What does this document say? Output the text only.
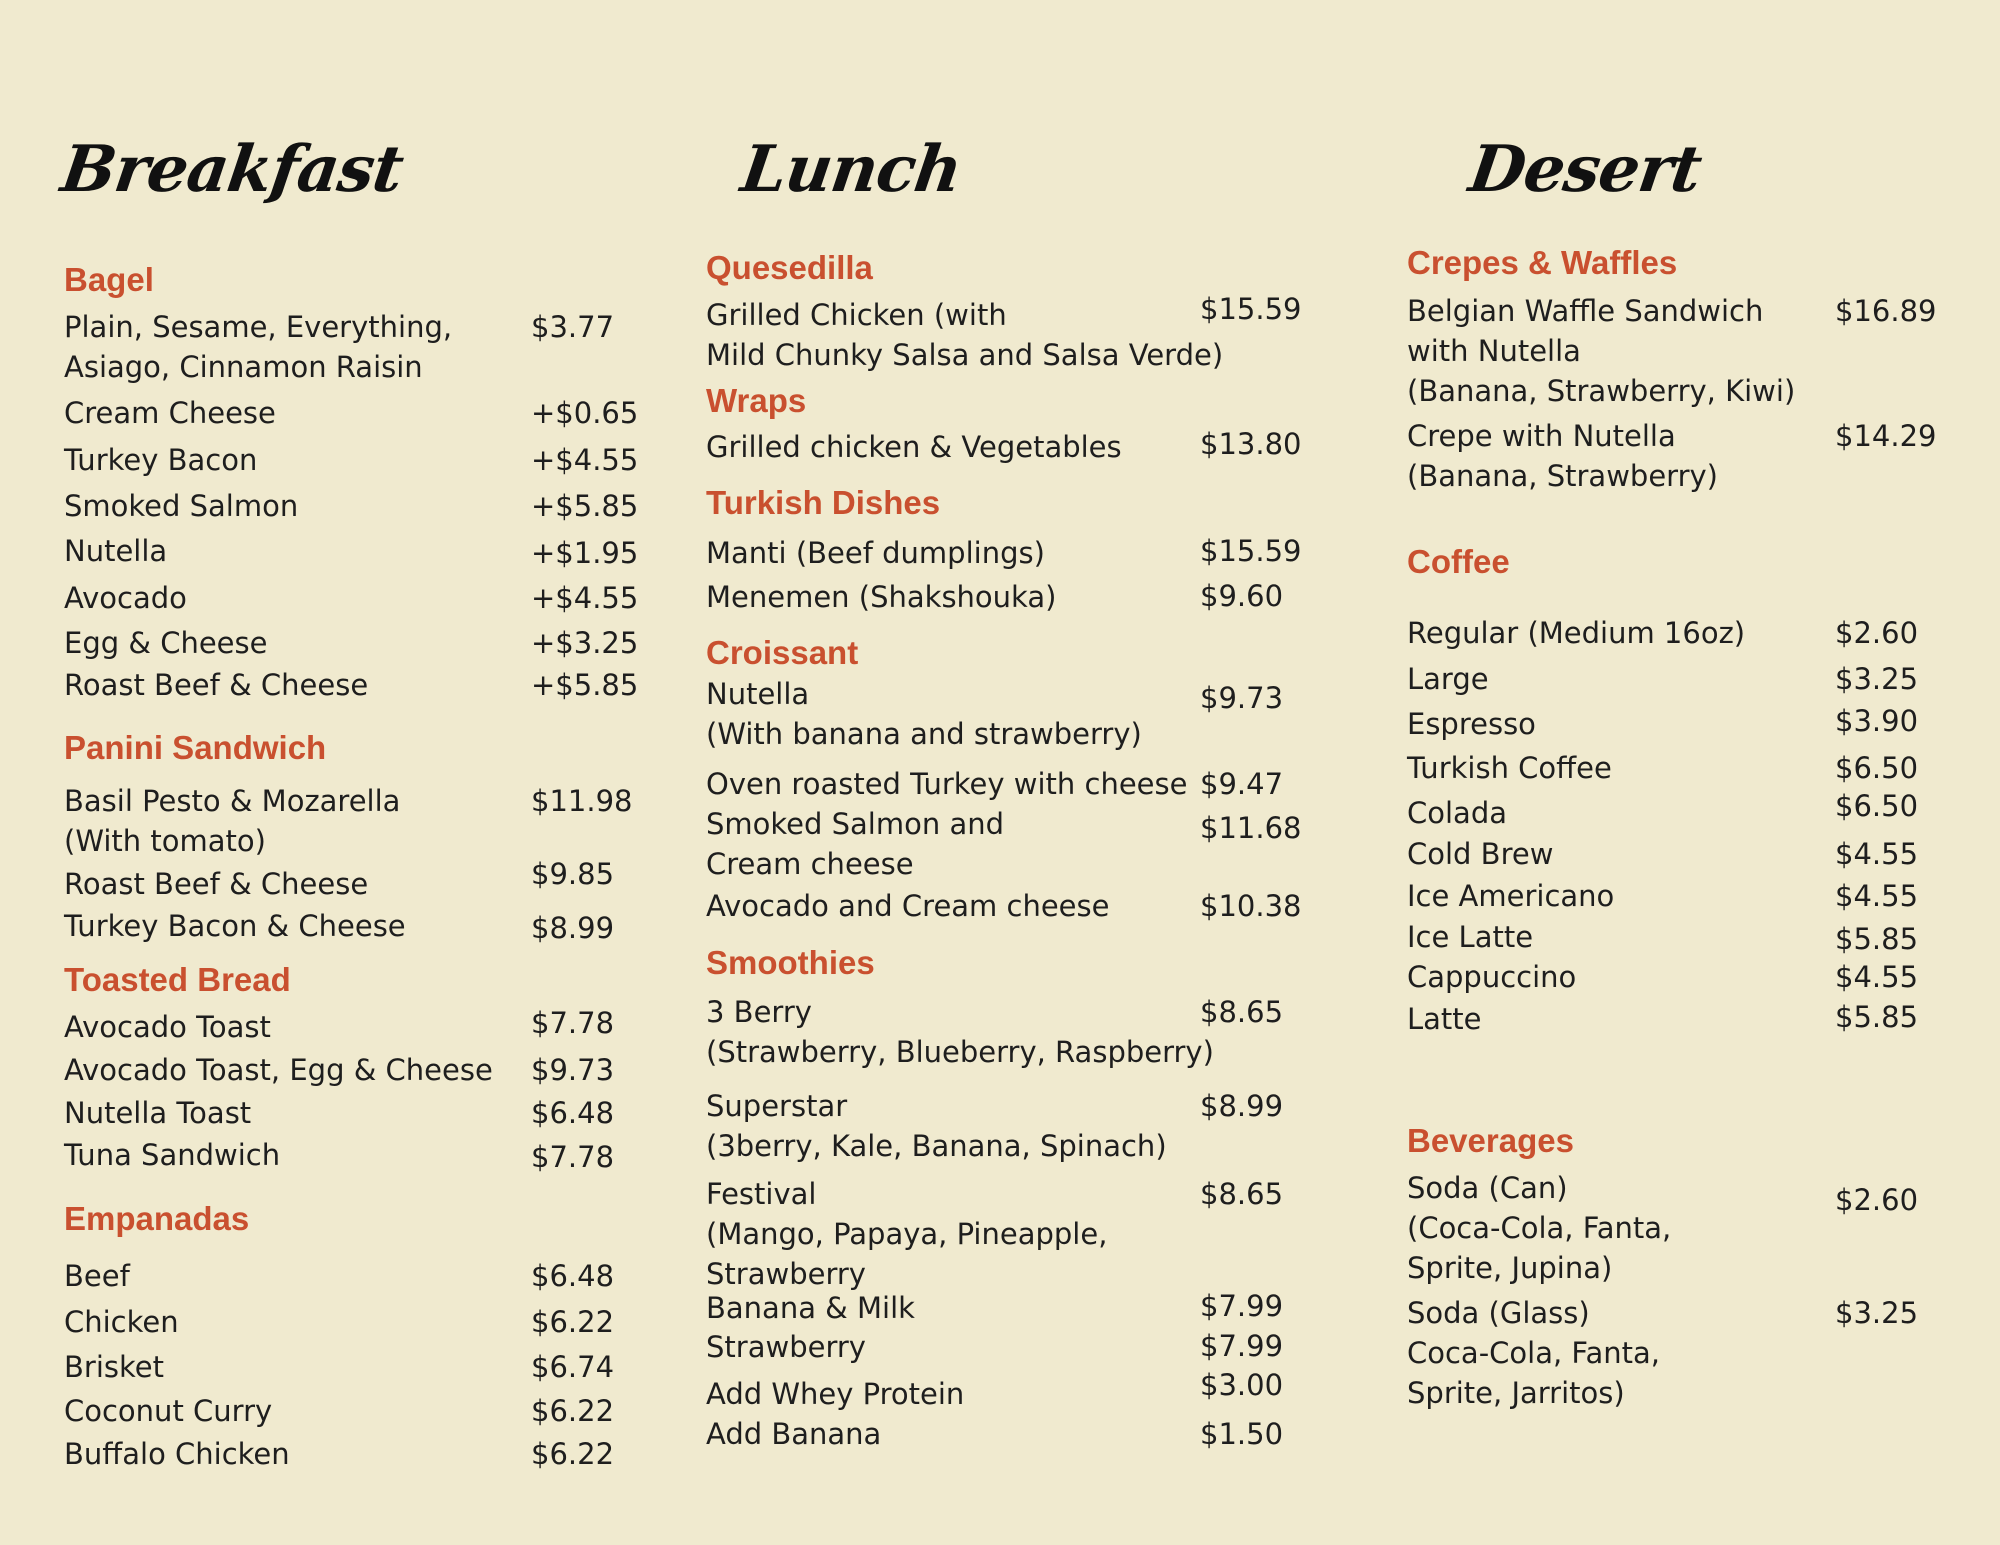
Breakfast	Lunch	Desert
Bagel
Plain, Sesame, Everything,
Asiago, Cinnamon Raisin
$3.77
Cream Cheese	+$0.65
Turkey Bacon	+$4.55
Smoked Salmon	+$5.85
Nutella	+$1.95
Avocado	+$4.55
Egg & Cheese	+$3.25
Roast Beef & Cheese	+$5.85
Panini Sandwich
Basil Pesto & Mozarella
(With tomato)
$11.98
Roast Beef & Cheese	$9.85
Turkey Bacon & Cheese	$8.99
Toasted Bread
Avocado Toast	$7.78
Avocado Toast, Egg & Cheese $9.73
Nutella Toast	$6.48
Tuna Sandwich	$7.78
Empanadas
Beef	$6.48
Chicken	$6.22
Brisket	$6.74
Coconut Curry	$6.22
Buffalo Chicken	$6.22
Quesedilla
Grilled Chicken (with
Mild Chunky Salsa and Salsa Verde)
$15.59
Wraps
Grilled chicken & Vegetables	$13.80
Turkish Dishes
Manti (Beef dumplings)	$15.59
Menemen (Shakshouka)	$9.60
Croissant
Nutella
(With banana and strawberry)
$9.73
Oven roasted Turkey with cheese $9.47
Smoked Salmon and
Cream cheese
$11.68
Avocado and Cream cheese	$10.38
Smoothies
3 Berry
(Strawberry, Blueberry, Raspberry)
$8.65
Superstar
(3berry, Kale, Banana, Spinach)
$8.99
Festival
(Mango, Papaya, Pineapple,
Strawberry
$8.65
Banana & Milk	$7.99
Strawberry	$7.99
Add Whey Protein	$3.00
Add Banana	$1.50
Crepes & Waffles
Belgian Waffle Sandwich
with Nutella
(Banana, Strawberry, Kiwi)
$16.89
Crepe with Nutella
(Banana, Strawberry)
$14.29
Coffee
Regular (Medium 16oz)	$2.60
Large	$3.25
Espresso	$3.90
Turkish Coffee	$6.50
Colada	$6.50
Cold Brew	$4.55
Ice Americano	$4.55
Ice Latte	$5.85
Cappuccino	$4.55
Latte	$5.85
Beverages
Soda (Can)
(Coca-Cola, Fanta,
Sprite, Jupina)
$2.60
Soda (Glass)
Coca-Cola, Fanta,
Sprite, Jarritos)
$3.25
